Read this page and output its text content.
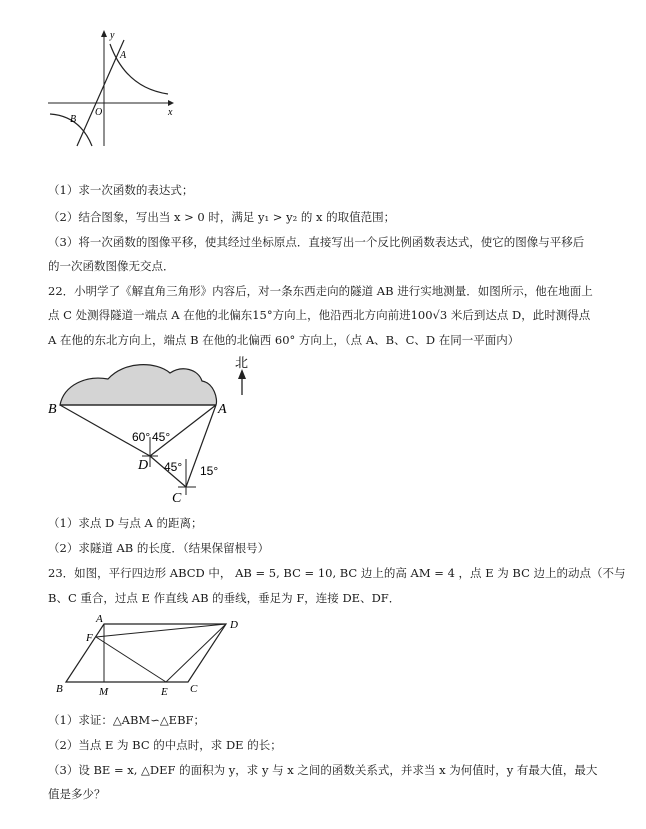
y
x
O
A
B
（1）求一次函数的表达式；
（2）结合图象，写出当 x > 0 时，满足 y₁ > y₂ 的 x 的取值范围；
（3）将一次函数的图像平移，使其经过坐标原点．直接写出一个反比例函数表达式，使它的图像与平移后
的一次函数图像无交点．
22．小明学了《解直角三角形》内容后，对一条东西走向的隧道 AB 进行实地测量．如图所示，他在地面上
点 C 处测得隧道一端点 A 在他的北偏东15°方向上，他沿西北方向前进100√3 米后到达点 D，此时测得点
A 在他的东北方向上，端点 B 在他的北偏西 60° 方向上，（点 A、B、C、D 在同一平面内）
北
B	A
D
C
60° 45°
45° 15°
（1）求点 D 与点 A 的距离；
（2）求隧道 AB 的长度．（结果保留根号）
23．如图，平行四边形 ABCD 中， AB = 5, BC = 10, BC 边上的高 AM = 4 ，点 E 为 BC 边上的动点（不与
B、C 重合，过点 E 作直线 AB 的垂线，垂足为 F，连接 DE、DF．
A	D
F
B	M	E C
（1）求证：△ABM∽△EBF；
（2）当点 E 为 BC 的中点时，求 DE 的长；
（3）设 BE = x, △DEF 的面积为 y，求 y 与 x 之间的函数关系式，并求当 x 为何值时，y 有最大值，最大
值是多少？
